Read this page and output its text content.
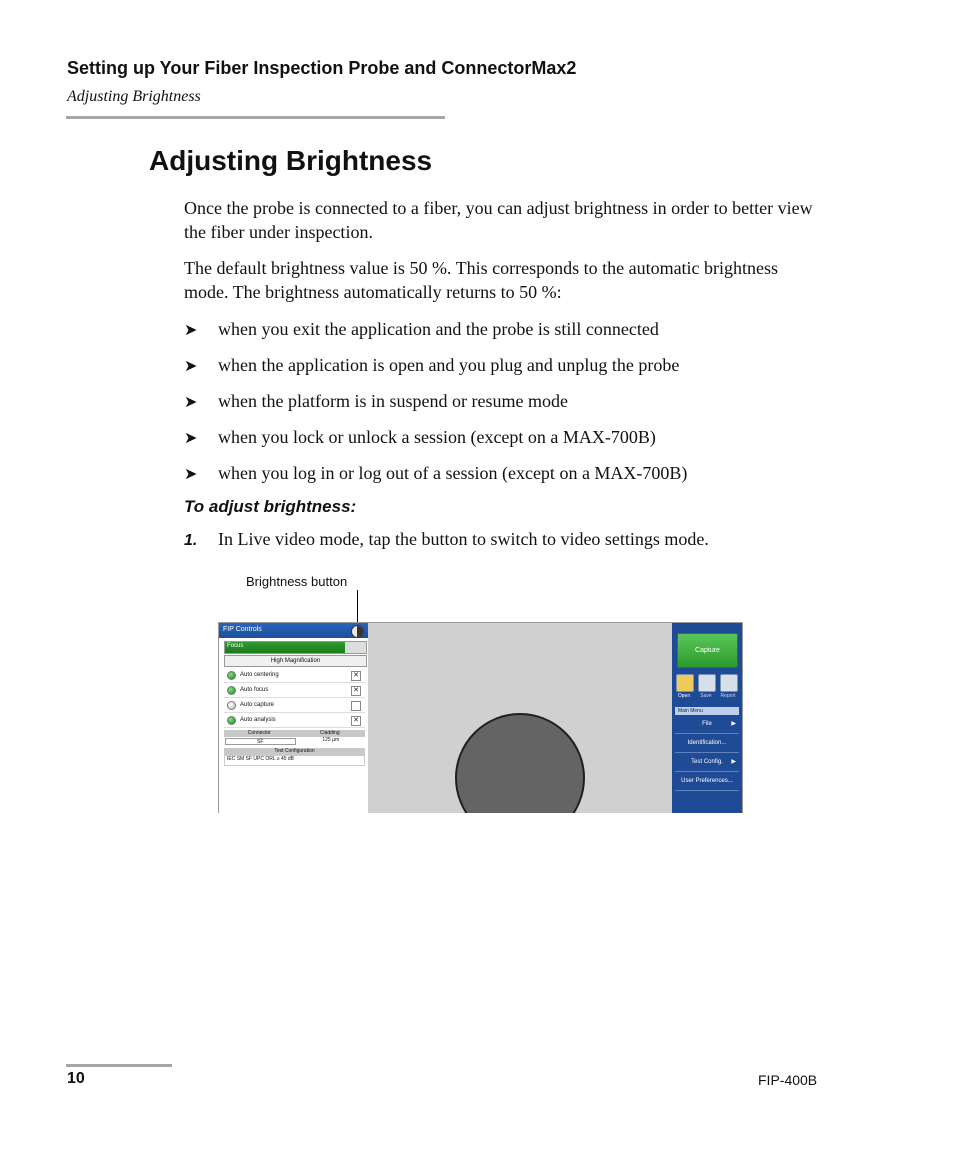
Setting up Your Fiber Inspection Probe and ConnectorMax2
Adjusting Brightness
Adjusting Brightness
Once the probe is connected to a fiber, you can adjust brightness in order to better view the fiber under inspection.
The default brightness value is 50 %. This corresponds to the automatic brightness mode. The brightness automatically returns to 50 %:
➤ when you exit the application and the probe is still connected
➤ when the application is open and you plug and unplug the probe
➤ when the platform is in suspend or resume mode
➤ when you lock or unlock a session (except on a MAX-700B)
➤ when you log in or log out of a session (except on a MAX-700B)
To adjust brightness:
1. In Live video mode, tap the button to switch to video settings mode.
Brightness button
FIP Controls
Focus
High Magnification
Auto centering	✕
Auto focus	✕
Auto capture
Auto analysis	✕
Connector	Cladding
SF	125 µm
Test Configuration
IEC SM SF UPC ORL ≥ 45 dB
Capture
Open	Save	Report
Main Menu
File	▶
Identification...
Test Config. ▶
User Preferences...
10	FIP-400B
